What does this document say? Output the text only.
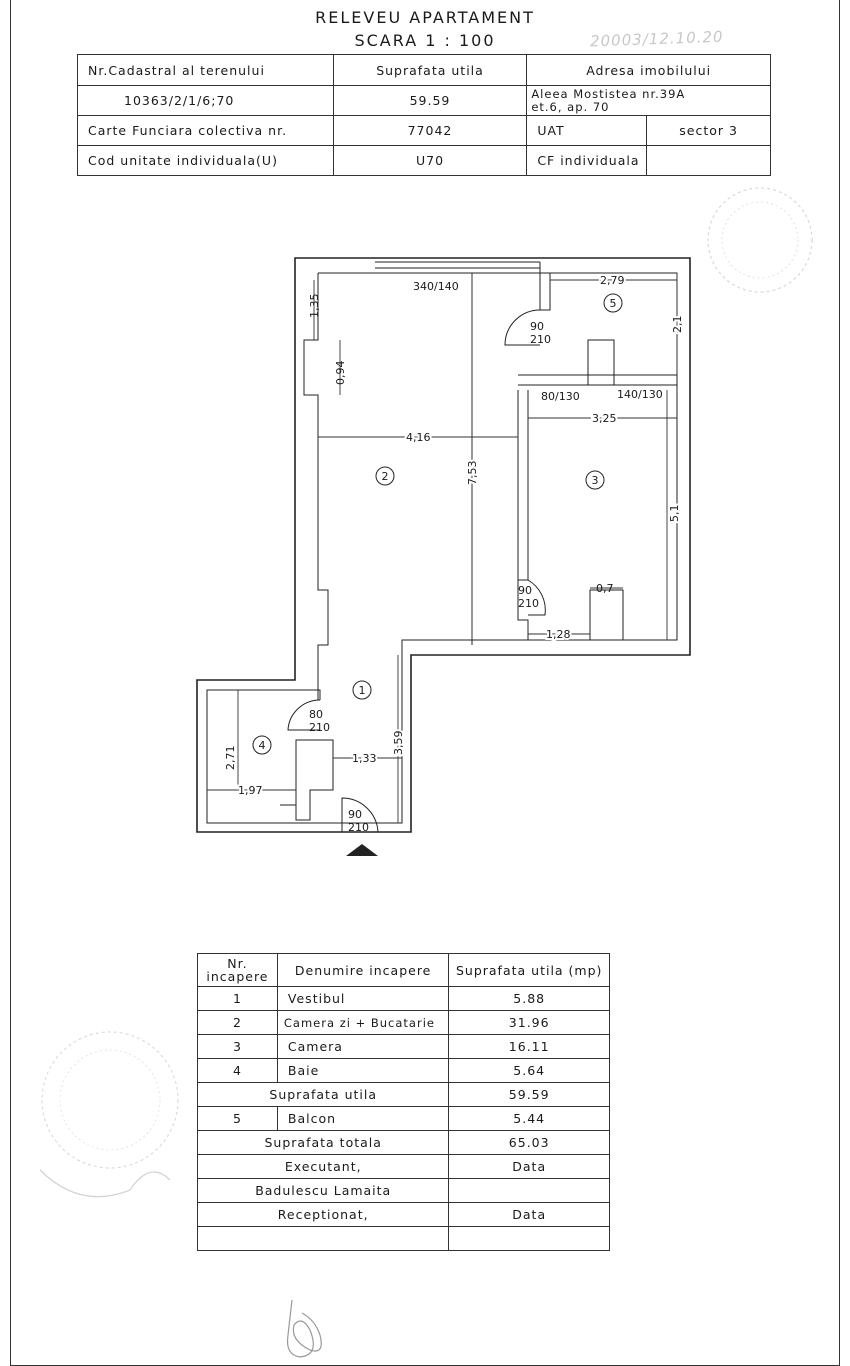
RELEVEU APARTAMENT
SCARA 1 : 100	20003/12.10.20
Nr.Cadastral al terenului	Suprafata utila	Adresa imobilului	
10363/2/1/6;70	59.59	Aleea Mostistea nr.39A
et.6, ap. 70	

Carte Funciara colectiva nr.	77042	UAT	sector 3
Cod unitate individuala(U)	U70	CF individuala	
340/140
1,35
0,94
4,16
7,53
2,79
2,1
80/130	140/130
3,25
5,1
0,7
1,28
3,59
1,33
2,71
1,97
90
210
90
210
80
210
90
210
2	3
5
1
4
Nr. incapere	Denumire incapere	Suprafata utila (mp)
1	Vestibul	5.88
2	Camera zi + Bucatarie	31.96
3	Camera	16.11
4	Baie	5.64
Suprafata utila		59.59
5	Balcon	5.44
Suprafata totala		65.03
Executant,		Data
Badulescu Lamaita		
Receptionat,		Data
